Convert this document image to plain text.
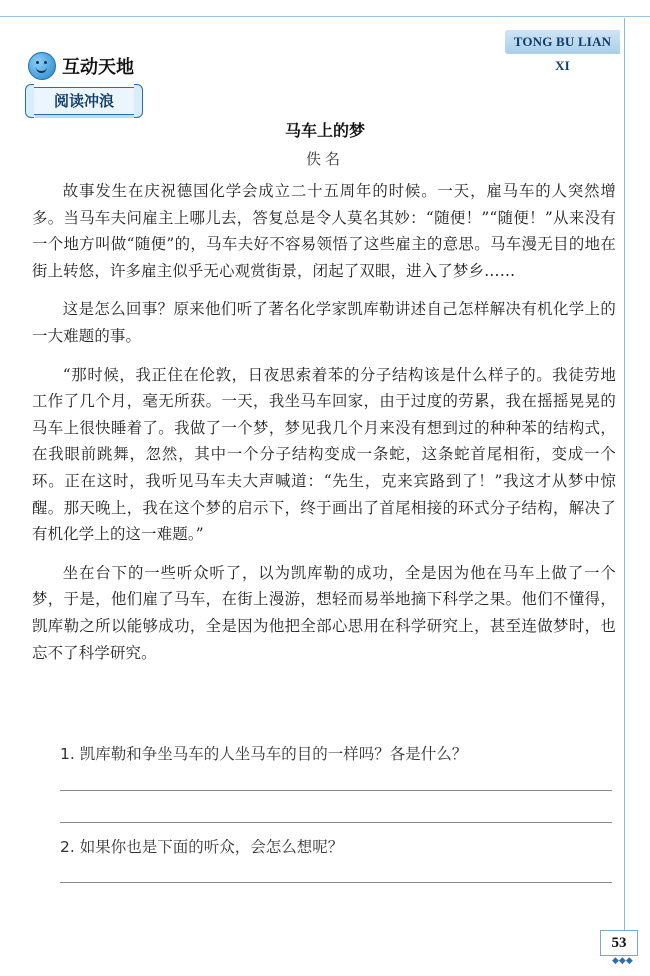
TONG BU LIAN XI
互动天地
阅读冲浪
马车上的梦
佚名

故事发生在庆祝德国化学会成立二十五周年的时候。一天，雇马车的人突然增多。当马车夫问雇主上哪儿去，答复总是令人莫名其妙：“随便！”“随便！”从来没有一个地方叫做“随便”的，马车夫好不容易领悟了这些雇主的意思。马车漫无目的地在街上转悠，许多雇主似乎无心观赏街景，闭起了双眼，进入了梦乡……

这是怎么回事？原来他们听了著名化学家凯库勒讲述自己怎样解决有机化学上的一大难题的事。

“那时候，我正住在伦敦，日夜思索着苯的分子结构该是什么样子的。我徒劳地工作了几个月，毫无所获。一天，我坐马车回家，由于过度的劳累，我在摇摇晃晃的马车上很快睡着了。我做了一个梦，梦见我几个月来没有想到过的种种苯的结构式，在我眼前跳舞，忽然，其中一个分子结构变成一条蛇，这条蛇首尾相衔，变成一个环。正在这时，我听见马车夫大声喊道：“先生，克来宾路到了！”我这才从梦中惊醒。那天晚上，我在这个梦的启示下，终于画出了首尾相接的环式分子结构，解决了有机化学上的这一难题。”

坐在台下的一些听众听了，以为凯库勒的成功，全是因为他在马车上做了一个梦，于是，他们雇了马车，在街上漫游，想轻而易举地摘下科学之果。他们不懂得，凯库勒之所以能够成功，全是因为他把全部心思用在科学研究上，甚至连做梦时，也忘不了科学研究。

1. 凯库勒和争坐马车的人坐马车的目的一样吗？各是什么？
2. 如果你也是下面的听众，会怎么想呢？
53
◆◆◆
